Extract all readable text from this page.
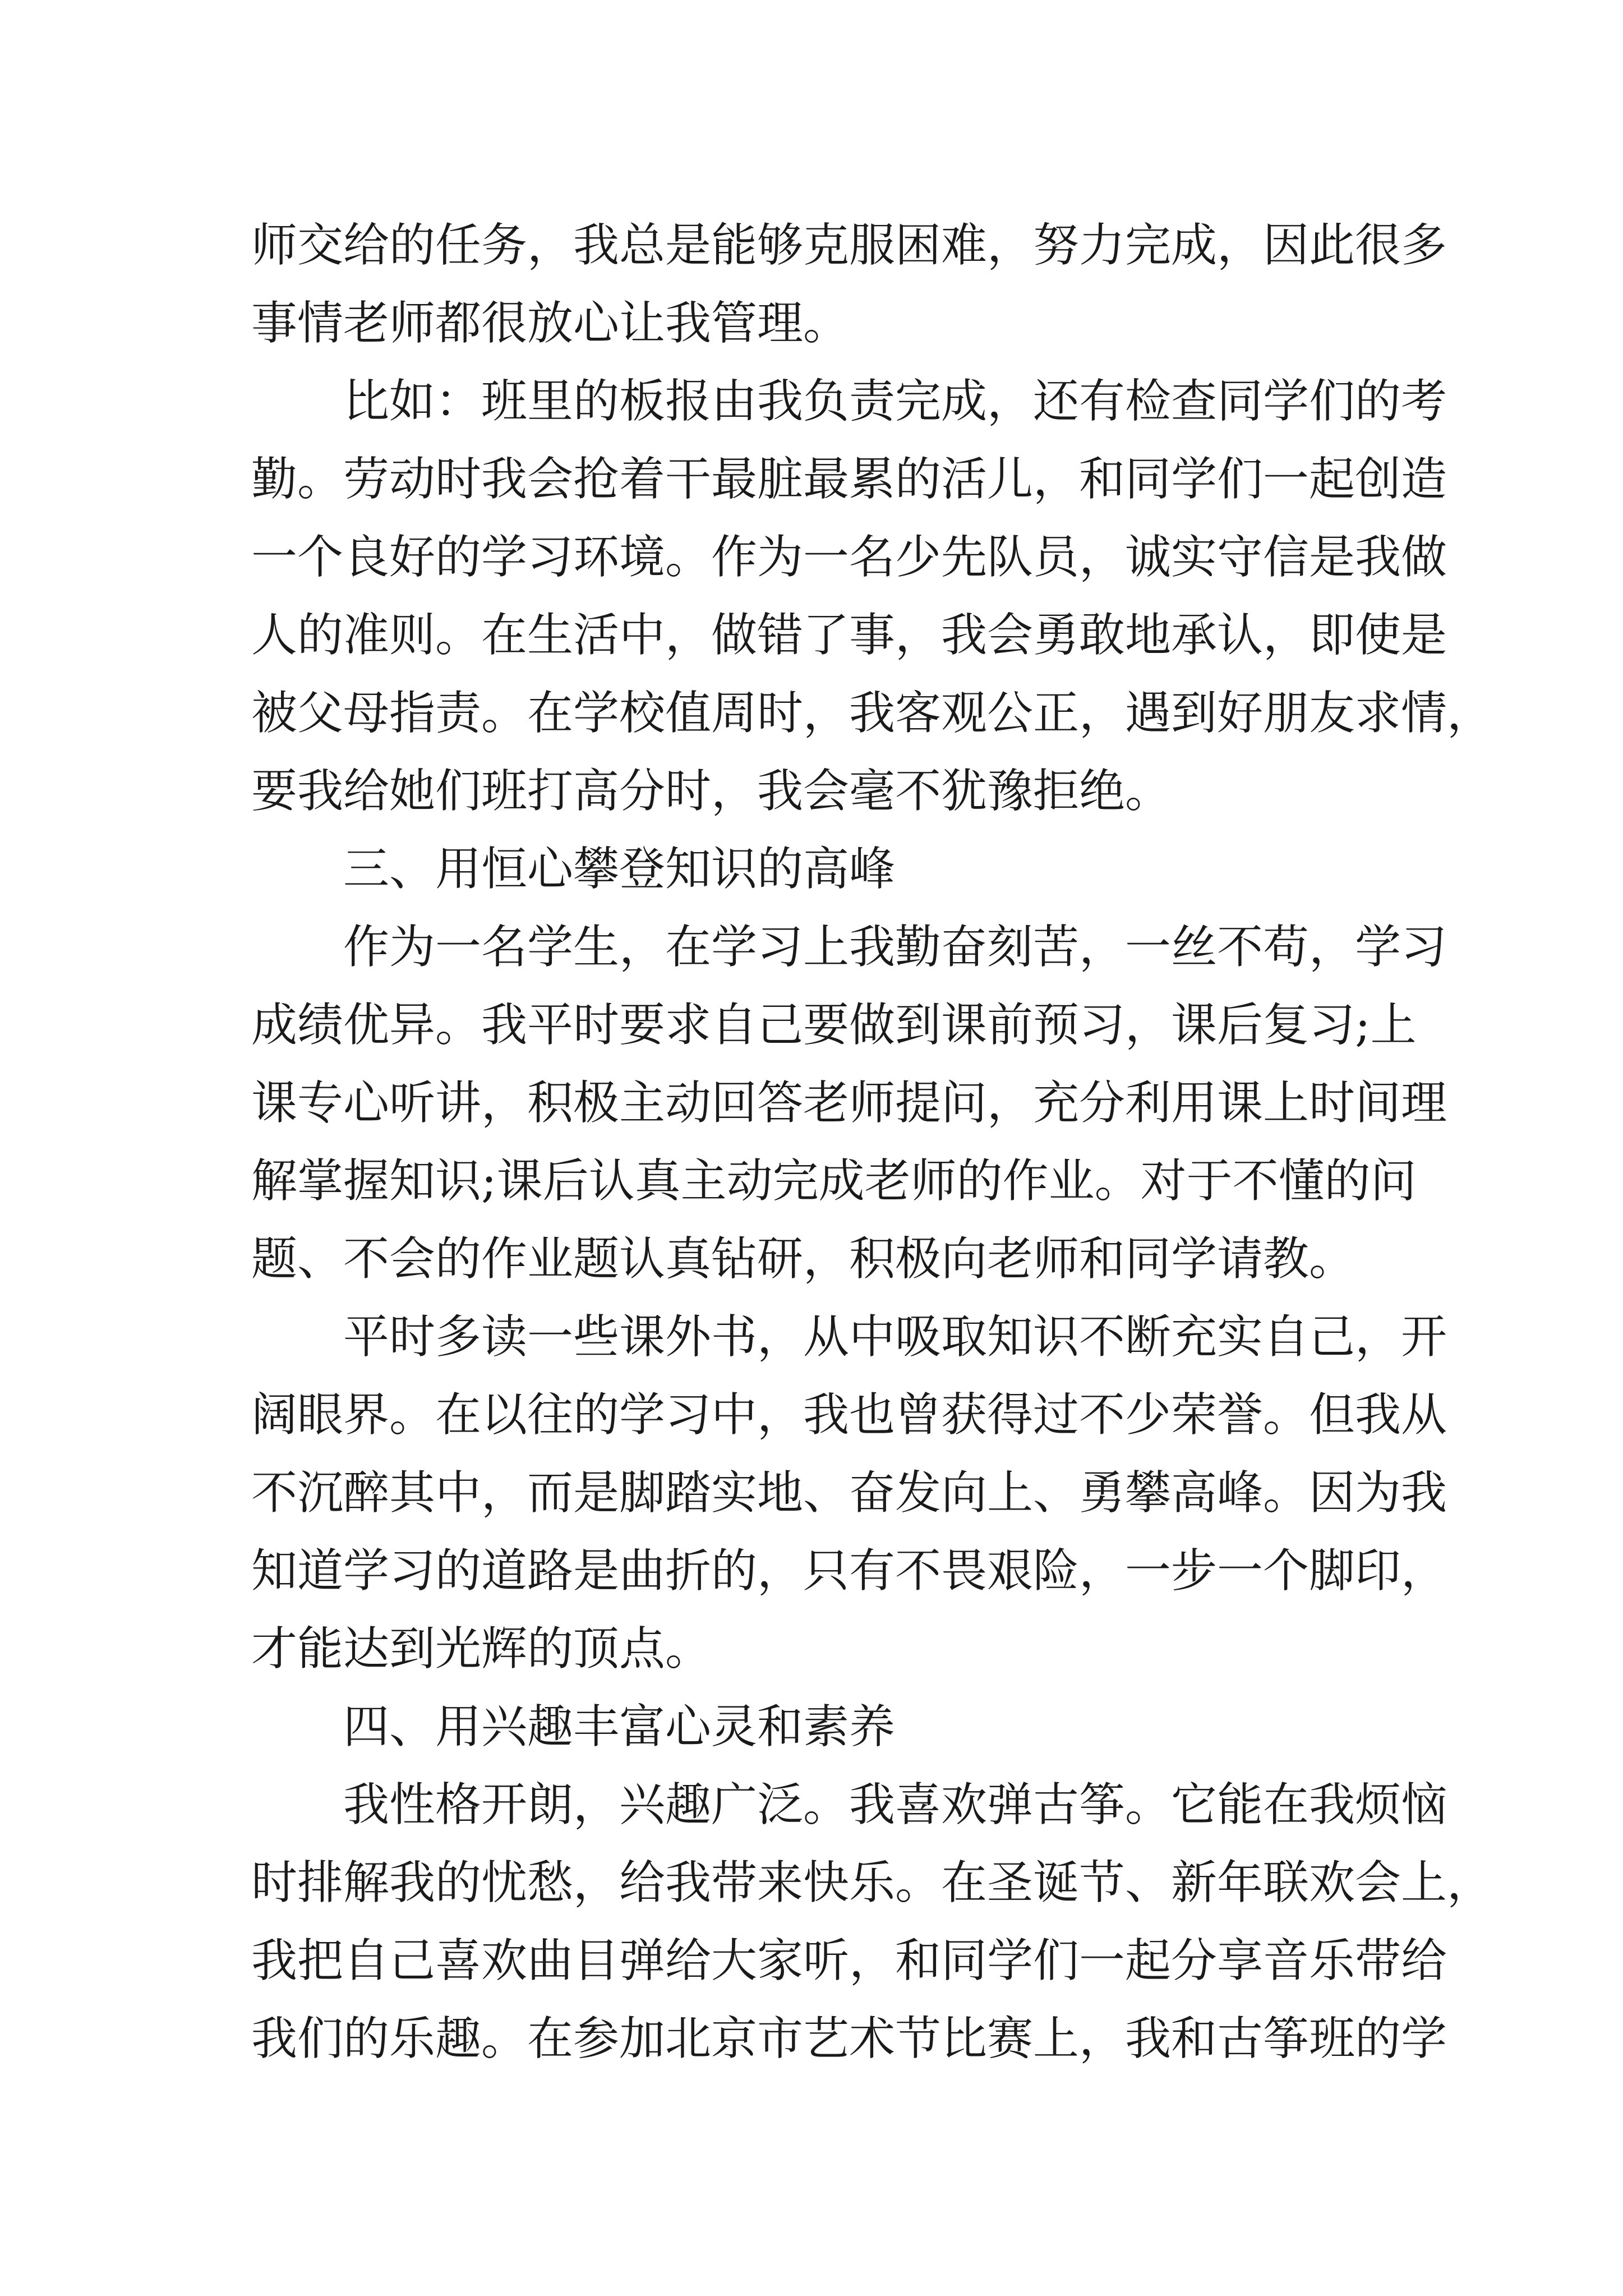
师交给的任务，我总是能够克服困难，努力完成，因此很多
事情老师都很放心让我管理。
比如：班里的板报由我负责完成，还有检查同学们的考
勤。劳动时我会抢着干最脏最累的活儿，和同学们一起创造
一个良好的学习环境。作为一名少先队员，诚实守信是我做
人的准则。在生活中，做错了事，我会勇敢地承认，即使是
被父母指责。在学校值周时，我客观公正，遇到好朋友求情，
要我给她们班打高分时，我会毫不犹豫拒绝。
三、用恒心攀登知识的高峰
作为一名学生，在学习上我勤奋刻苦，一丝不苟，学习
成绩优异。我平时要求自己要做到课前预习，课后复习;上
课专心听讲，积极主动回答老师提问，充分利用课上时间理
解掌握知识;课后认真主动完成老师的作业。对于不懂的问
题、不会的作业题认真钻研，积极向老师和同学请教。
平时多读一些课外书，从中吸取知识不断充实自己，开
阔眼界。在以往的学习中，我也曾获得过不少荣誉。但我从
不沉醉其中，而是脚踏实地、奋发向上、勇攀高峰。因为我
知道学习的道路是曲折的，只有不畏艰险，一步一个脚印，
才能达到光辉的顶点。
四、用兴趣丰富心灵和素养
我性格开朗，兴趣广泛。我喜欢弹古筝。它能在我烦恼
时排解我的忧愁，给我带来快乐。在圣诞节、新年联欢会上，
我把自己喜欢曲目弹给大家听，和同学们一起分享音乐带给
我们的乐趣。在参加北京市艺术节比赛上，我和古筝班的学
